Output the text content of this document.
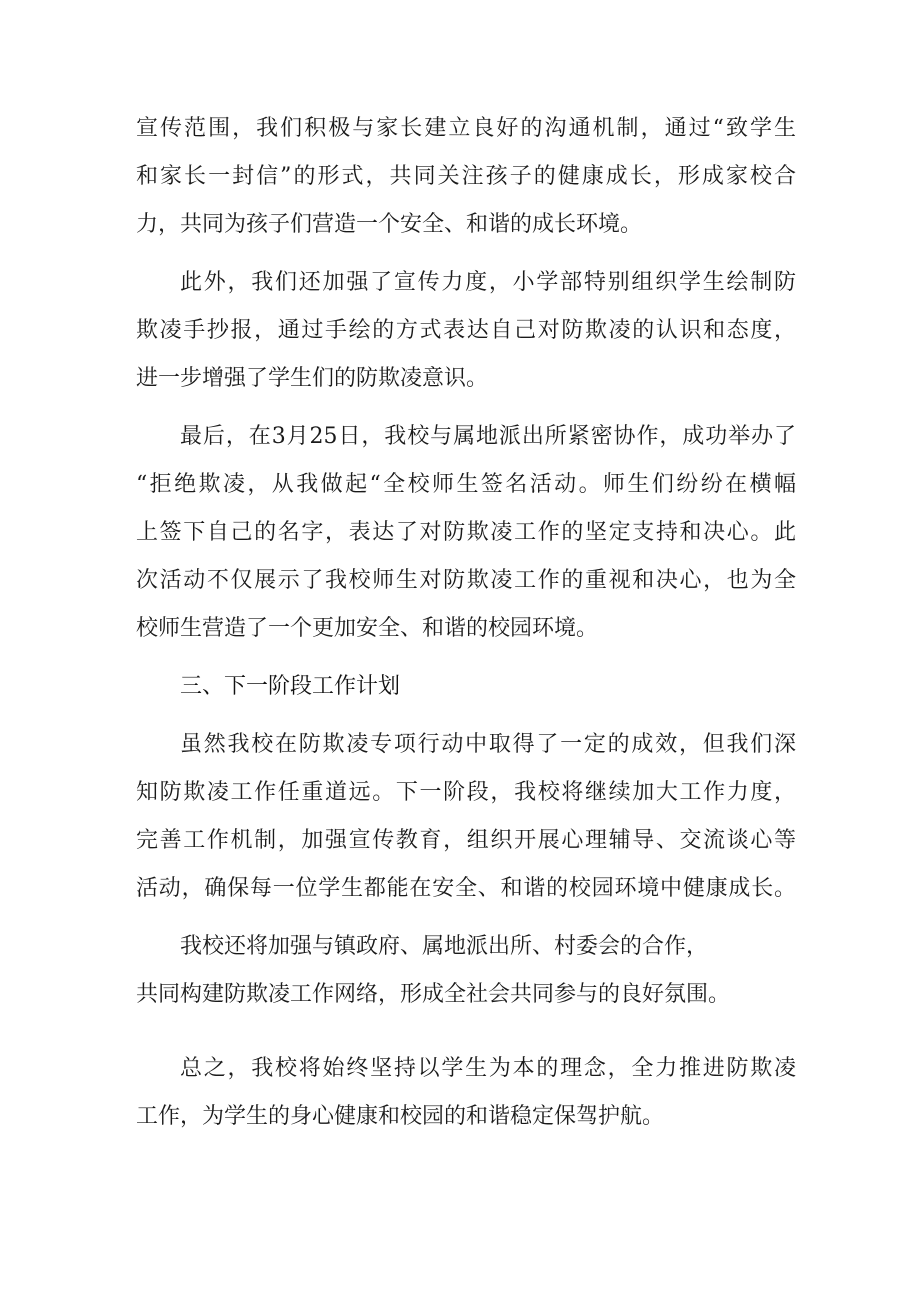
宣传范围，我们积极与家长建立良好的沟通机制，通过“致学生
和家长一封信”的形式，共同关注孩子的健康成长，形成家校合
力，共同为孩子们营造一个安全、和谐的成长环境。
此外，我们还加强了宣传力度，小学部特别组织学生绘制防
欺凌手抄报，通过手绘的方式表达自己对防欺凌的认识和态度，
进一步增强了学生们的防欺凌意识。
最后，在3月25日，我校与属地派出所紧密协作，成功举办了
“拒绝欺凌，从我做起“全校师生签名活动。师生们纷纷在横幅
上签下自己的名字，表达了对防欺凌工作的坚定支持和决心。此
次活动不仅展示了我校师生对防欺凌工作的重视和决心，也为全
校师生营造了一个更加安全、和谐的校园环境。
三、下一阶段工作计划
虽然我校在防欺凌专项行动中取得了一定的成效，但我们深
知防欺凌工作任重道远。下一阶段，我校将继续加大工作力度，
完善工作机制，加强宣传教育，组织开展心理辅导、交流谈心等
活动，确保每一位学生都能在安全、和谐的校园环境中健康成长。
我校还将加强与镇政府、属地派出所、村委会的合作，
共同构建防欺凌工作网络，形成全社会共同参与的良好氛围。
总之，我校将始终坚持以学生为本的理念，全力推进防欺凌
工作，为学生的身心健康和校园的和谐稳定保驾护航。
